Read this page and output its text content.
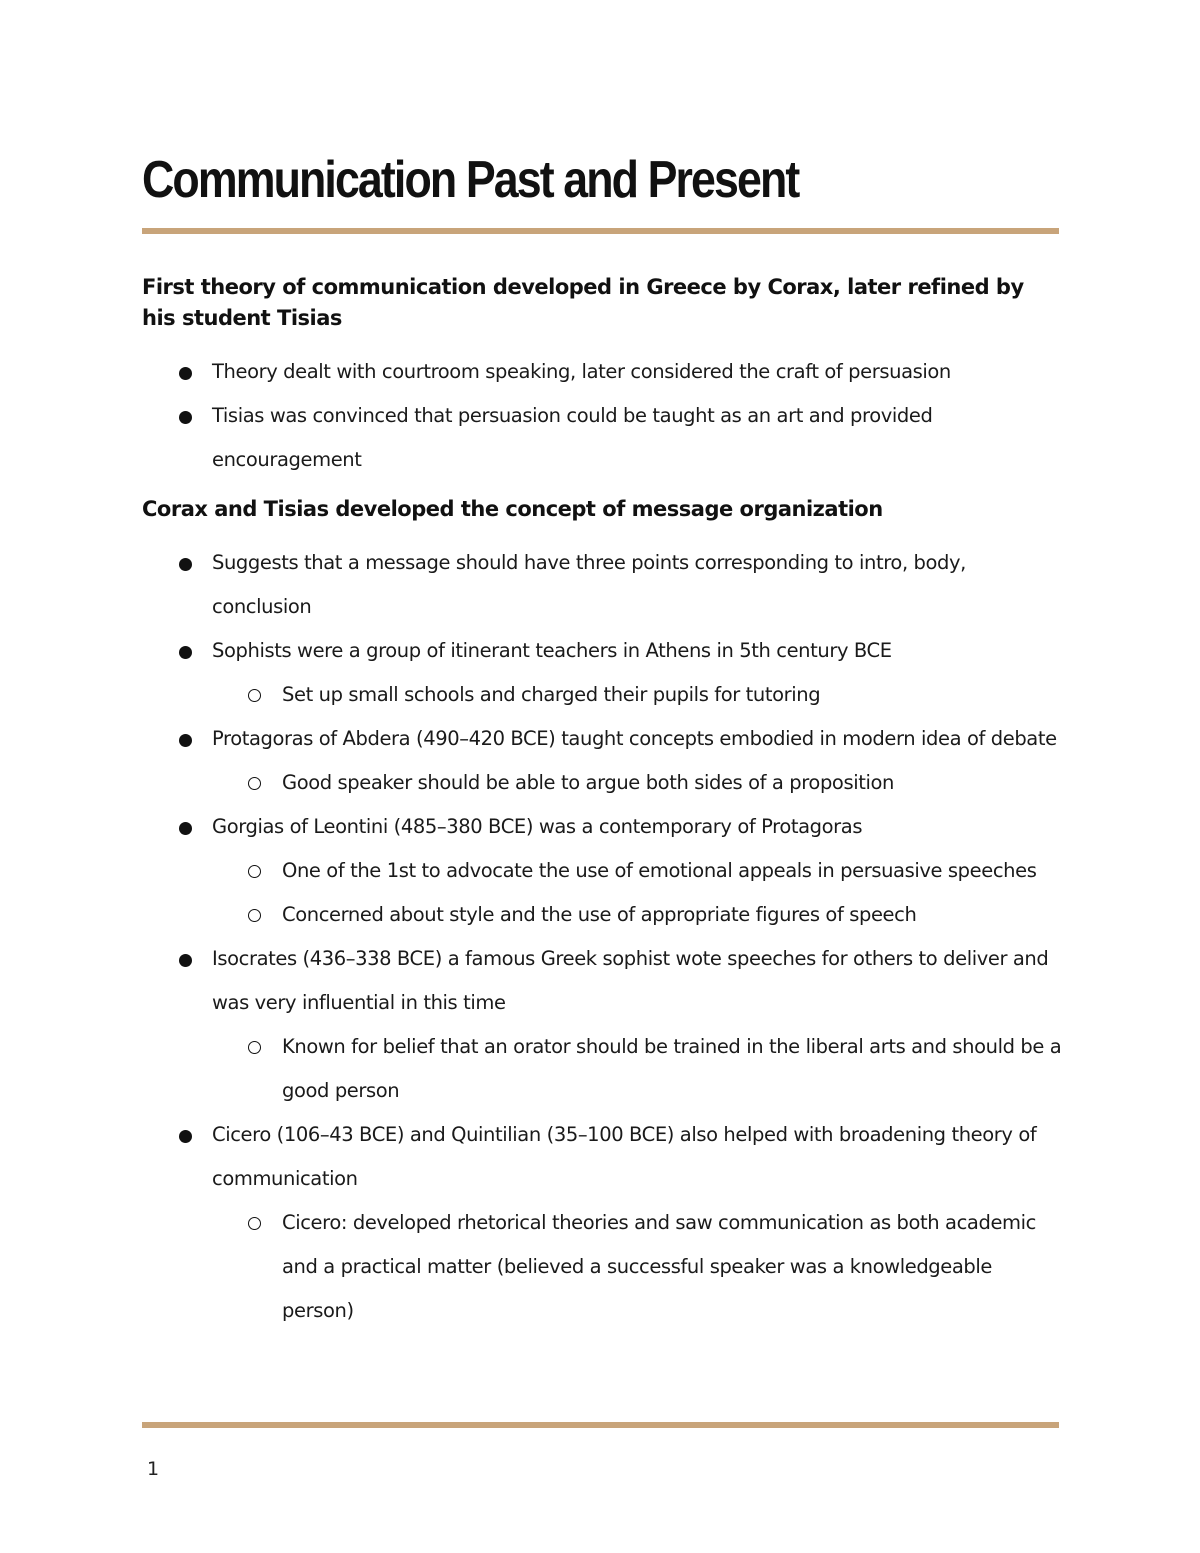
Communication Past and Present
First theory of communication developed in Greece by Corax, later refined by his student Tisias
Theory dealt with courtroom speaking, later considered the craft of persuasion
Tisias was convinced that persuasion could be taught as an art and provided encouragement
Corax and Tisias developed the concept of message organization
Suggests that a message should have three points corresponding to intro, body, conclusion
Sophists were a group of itinerant teachers in Athens in 5th century BCE
Set up small schools and charged their pupils for tutoring
Protagoras of Abdera (490–420 BCE) taught concepts embodied in modern idea of debate
Good speaker should be able to argue both sides of a proposition
Gorgias of Leontini (485–380 BCE) was a contemporary of Protagoras
One of the 1st to advocate the use of emotional appeals in persuasive speeches
Concerned about style and the use of appropriate figures of speech
Isocrates (436–338 BCE) a famous Greek sophist wote speeches for others to deliver and was very influential in this time
Known for belief that an orator should be trained in the liberal arts and should be a good person
Cicero (106–43 BCE) and Quintilian (35–100 BCE) also helped with broadening theory of communication
Cicero: developed rhetorical theories and saw communication as both academic and a practical matter (believed a successful speaker was a knowledgeable person)
1
